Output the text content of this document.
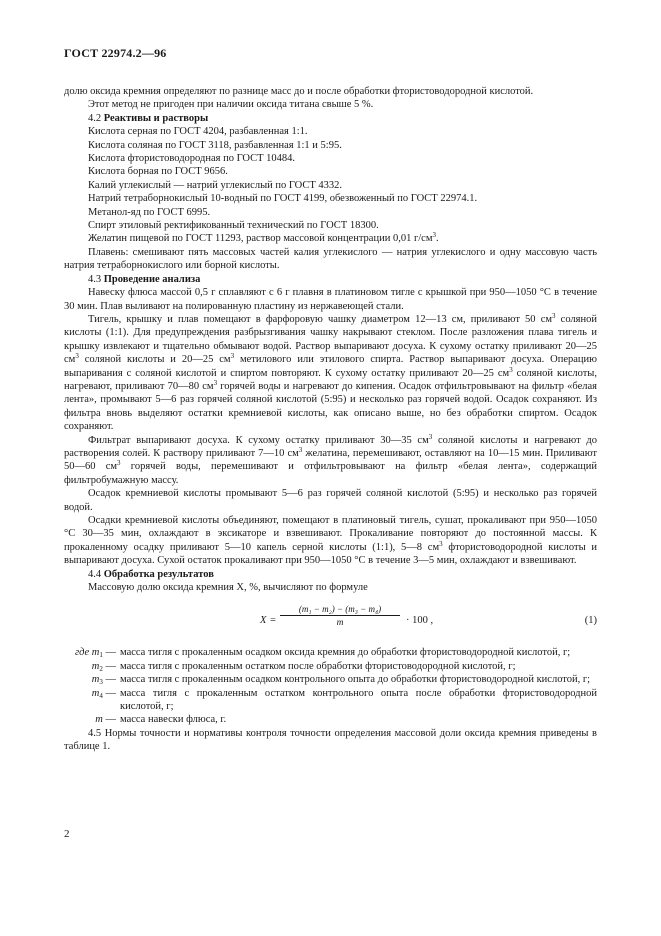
ГОСТ 22974.2—96

долю оксида кремния определяют по разнице масс до и после обработки фтористоводородной кислотой.

Этот метод не пригоден при наличии оксида титана свыше 5 %.

4.2 Реактивы и растворы

Кислота серная по ГОСТ 4204, разбавленная 1:1.

Кислота соляная по ГОСТ 3118, разбавленная 1:1 и 5:95.

Кислота фтористоводородная по ГОСТ 10484.

Кислота борная по ГОСТ 9656.

Калий углекислый — натрий углекислый по ГОСТ 4332.

Натрий тетраборнокислый 10-водный по ГОСТ 4199, обезвоженный по ГОСТ 22974.1.

Метанол-яд по ГОСТ 6995.

Спирт этиловый ректификованный технический по ГОСТ 18300.

Желатин пищевой по ГОСТ 11293, раствор массовой концентрации 0,01 $г/см^3$.

Плавень: смешивают пять массовых частей калия углекислого — натрия углекислого и одну массовую часть натрия тетраборнокислого или борной кислоты.

4.3 Проведение анализа

Навеску флюса массой 0,5 г сплавляют с 6 г плавня в платиновом тигле с крышкой при 950—1050 °С в течение 30 мин. Плав выливают на полированную пластину из нержавеющей стали.

Тигель, крышку и плав помещают в фарфоровую чашку диаметром 12—13 см, приливают 50 $см^3$ соляной кислоты (1:1). Для предупреждения разбрызгивания чашку накрывают стеклом. После разложения плава тигель и крышку извлекают и тщательно обмывают водой. Раствор выпаривают досуха. К сухому остатку приливают 20—25 $см^3$ соляной кислоты и 20—25 $см^3$ метилового или этилового спирта. Раствор выпаривают досуха. Операцию выпаривания с соляной кислотой и спиртом повторяют. К сухому остатку приливают 20—25 $см^3$ соляной кислоты, нагревают, приливают 70—80 $см^3$ горячей воды и нагревают до кипения. Осадок отфильтровывают на фильтр «белая лента», промывают 5—6 раз горячей соляной кислотой (5:95) и несколько раз горячей водой. Осадок сохраняют. Из фильтра вновь выделяют остатки кремниевой кислоты, как описано выше, но без обработки спиртом. Осадок сохраняют.

Фильтрат выпаривают досуха. К сухому остатку приливают 30—35 $см^3$ соляной кислоты и нагревают до растворения солей. К раствору приливают 7—10 $см^3$ желатина, перемешивают, оставляют на 10—15 мин. Приливают 50—60 $см^3$ горячей воды, перемешивают и отфильтровывают на фильтр «белая лента», содержащий фильтробумажную массу.

Осадок кремниевой кислоты промывают 5—6 раз горячей соляной кислотой (5:95) и несколько раз горячей водой.

Осадки кремниевой кислоты объединяют, помещают в платиновый тигель, сушат, прокаливают при 950—1050 °С 30—35 мин, охлаждают в эксикаторе и взвешивают. Прокаливание повторяют до постоянной массы. К прокаленному осадку приливают 5—10 капель серной кислоты (1:1), 5—8 $см^3$ фтористоводородной кислоты и выпаривают досуха. Сухой остаток прокаливают при 950—1050 °С в течение 3—5 мин, охлаждают и взвешивают.

4.4 Обработка результатов

Массовую долю оксида кремния X, %, вычисляют по формуле

$X = \frac{\text{(m₁ − m₂) − (m₃ − m₄)}}{m} \cdot 100$ ,	(1)
где $m_1$ — масса тигля с прокаленным осадком оксида кремния до обработки фтористоводородной кислотой, г;
$m_2$ — масса тигля с прокаленным остатком после обработки фтористоводородной кислотой, г;
$m_3$ — масса тигля с прокаленным осадком контрольного опыта до обработки фтористоводородной кислотой, г;
$m_4$ — масса тигля с прокаленным остатком контрольного опыта после обработки фтористоводородной кислотой, г;
m — масса навески флюса, г.

4.5 Нормы точности и нормативы контроля точности определения массовой доли оксида кремния приведены в таблице 1.

2
